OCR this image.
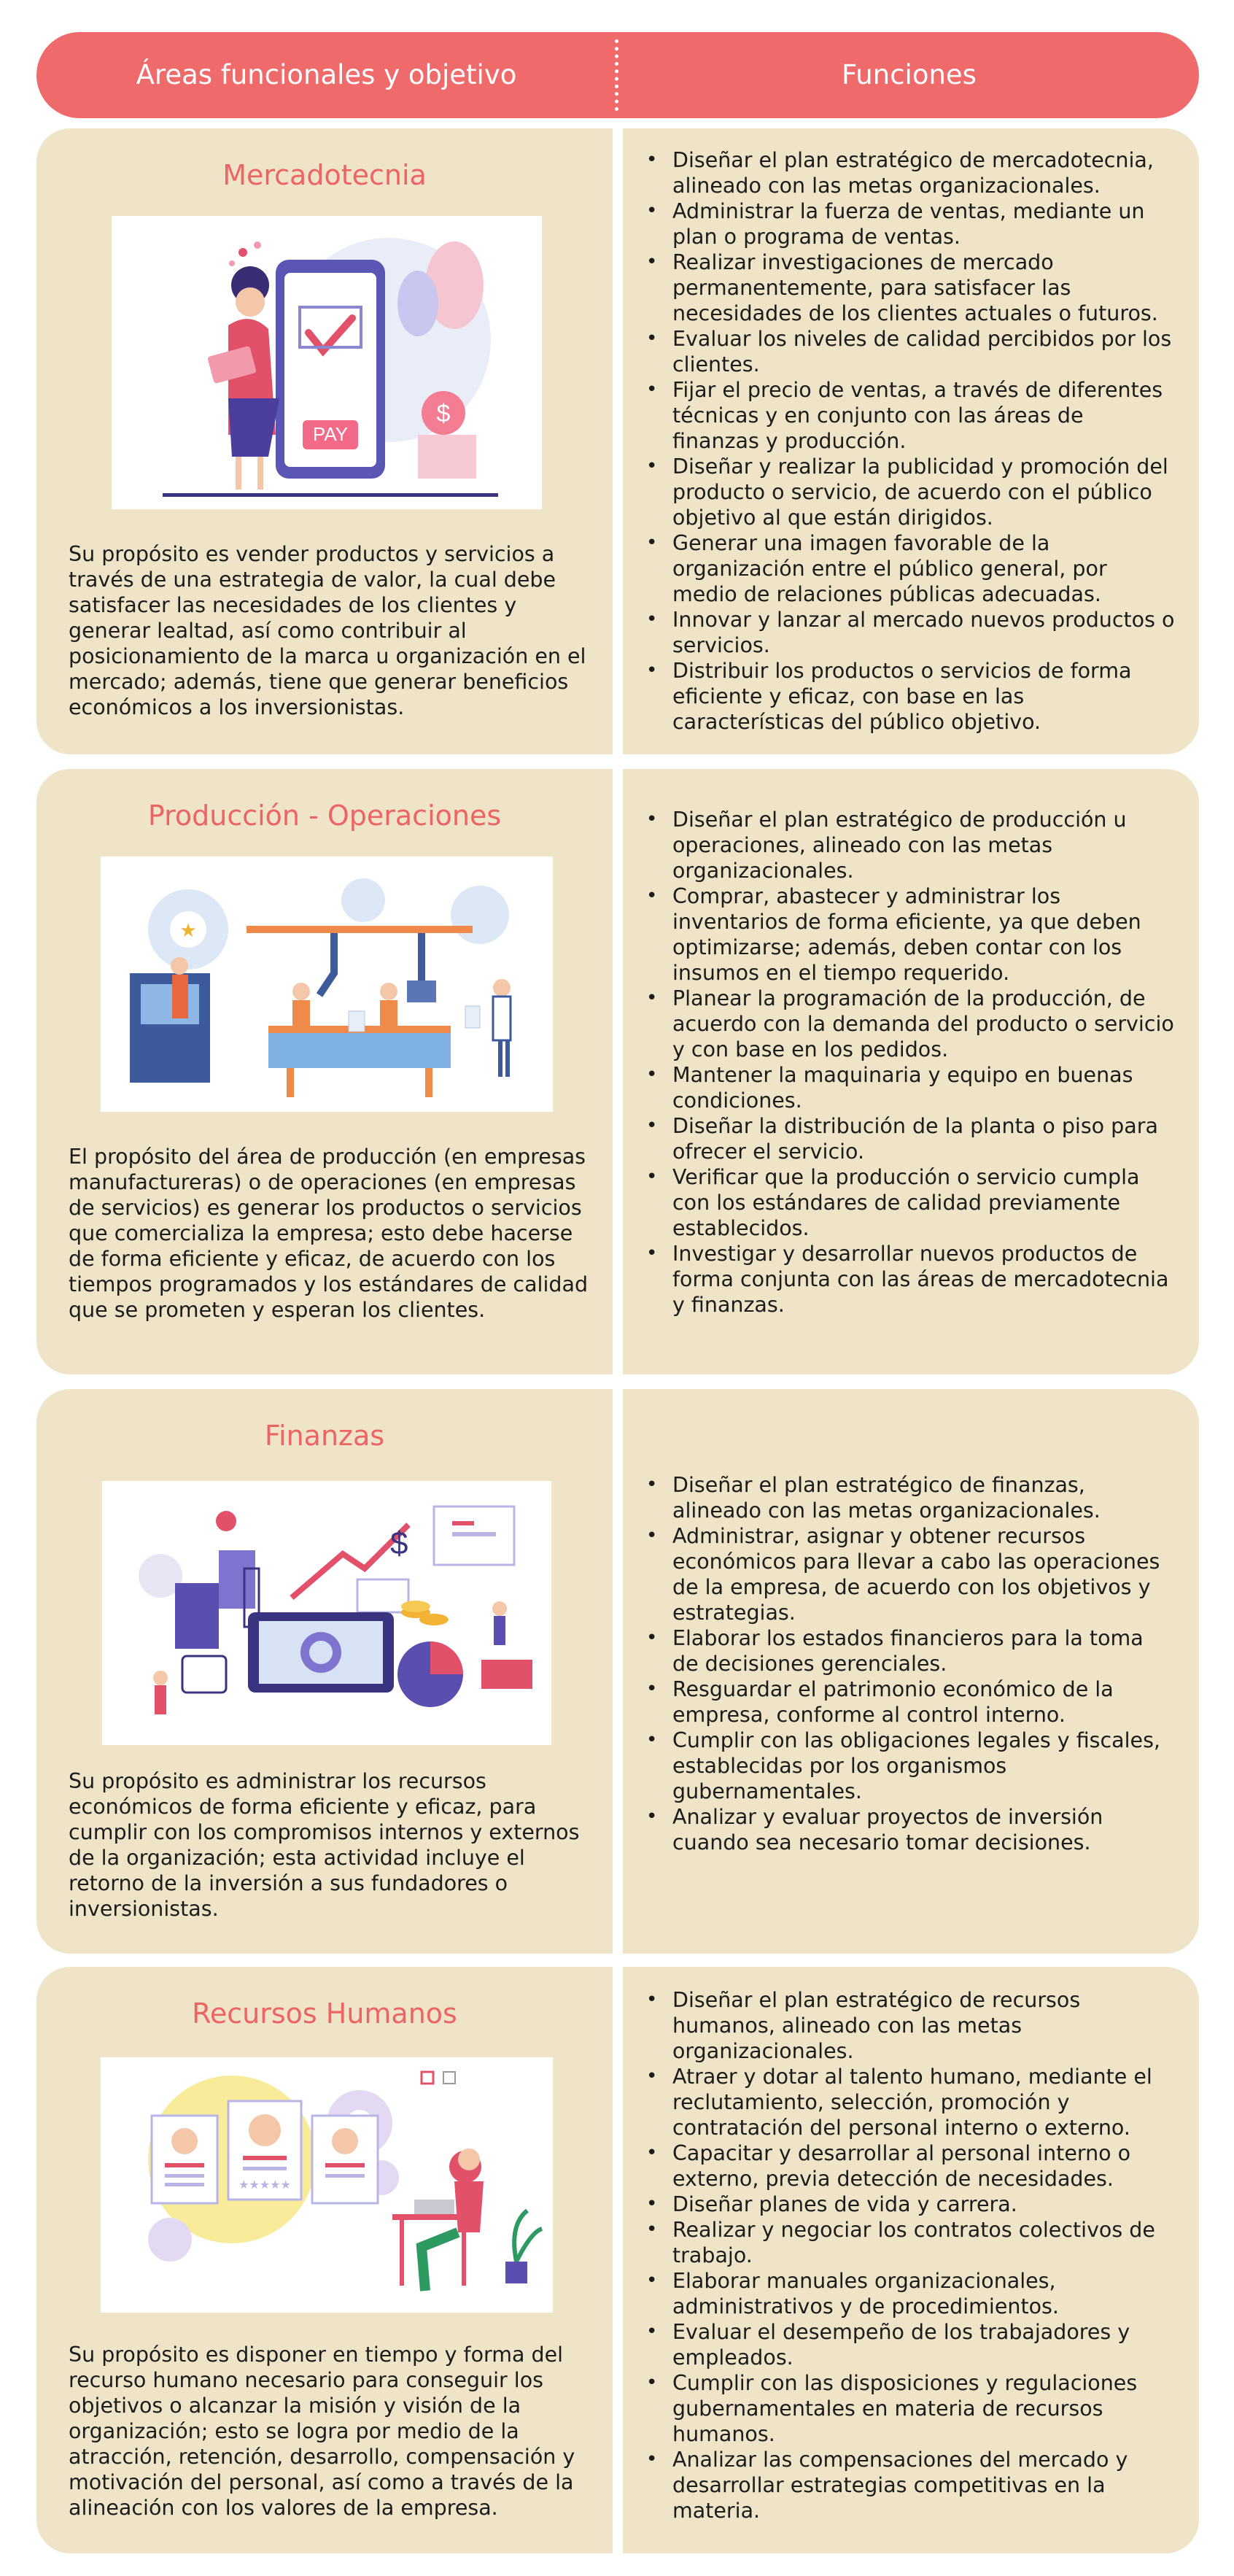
Áreas funcionales y objetivo	Funciones
Mercadotecnia
PAY
$

Su propósito es vender productos y servicios a través de una estrategia de valor, la cual debe satisfacer las necesidades de los clientes y generar lealtad, así como contribuir al posicionamiento de la marca u organización en el mercado; además, tiene que generar beneficios económicos a los inversionistas.

• Diseñar el plan estratégico de mercadotecnia, alineado con las metas organizacionales.
• Administrar la fuerza de ventas, mediante un plan o programa de ventas.
• Realizar investigaciones de mercado permanentemente, para satisfacer las necesidades de los clientes actuales o futuros.
• Evaluar los niveles de calidad percibidos por los clientes.
• Fijar el precio de ventas, a través de diferentes técnicas y en conjunto con las áreas de finanzas y producción.
• Diseñar y realizar la publicidad y promoción del producto o servicio, de acuerdo con el público objetivo al que están dirigidos.
• Generar una imagen favorable de la organización entre el público general, por medio de relaciones públicas adecuadas.
• Innovar y lanzar al mercado nuevos productos o servicios.
• Distribuir los productos o servicios de forma eficiente y eficaz, con base en las características del público objetivo.
Producción - Operaciones
★

El propósito del área de producción (en empresas manufactureras) o de operaciones (en empresas de servicios) es generar los productos o servicios que comercializa la empresa; esto debe hacerse de forma eficiente y eficaz, de acuerdo con los tiempos programados y los estándares de calidad que se prometen y esperan los clientes.

• Diseñar el plan estratégico de producción u operaciones, alineado con las metas organizacionales.
• Comprar, abastecer y administrar los inventarios de forma eficiente, ya que deben optimizarse; además, deben contar con los insumos en el tiempo requerido.
• Planear la programación de la producción, de acuerdo con la demanda del producto o servicio y con base en los pedidos.
• Mantener la maquinaria y equipo en buenas condiciones.
• Diseñar la distribución de la planta o piso para ofrecer el servicio.
• Verificar que la producción o servicio cumpla con los estándares de calidad previamente establecidos.
• Investigar y desarrollar nuevos productos de forma conjunta con las áreas de mercadotecnia y finanzas.
Finanzas
$

Su propósito es administrar los recursos económicos de forma eficiente y eficaz, para cumplir con los compromisos internos y externos de la organización; esta actividad incluye el retorno de la inversión a sus fundadores o inversionistas.

• Diseñar el plan estratégico de finanzas, alineado con las metas organizacionales.
• Administrar, asignar y obtener recursos económicos para llevar a cabo las operaciones de la empresa, de acuerdo con los objetivos y estrategias.
• Elaborar los estados financieros para la toma de decisiones gerenciales.
• Resguardar el patrimonio económico de la empresa, conforme al control interno.
• Cumplir con las obligaciones legales y fiscales, establecidas por los organismos gubernamentales.
• Analizar y evaluar proyectos de inversión cuando sea necesario tomar decisiones.
Recursos Humanos
★★★★★

Su propósito es disponer en tiempo y forma del recurso humano necesario para conseguir los objetivos o alcanzar la misión y visión de la organización; esto se logra por medio de la atracción, retención, desarrollo, compensación y motivación del personal, así como a través de la alineación con los valores de la empresa.

• Diseñar el plan estratégico de recursos humanos, alineado con las metas organizacionales.
• Atraer y dotar al talento humano, mediante el reclutamiento, selección, promoción y contratación del personal interno o externo.
• Capacitar y desarrollar al personal interno o externo, previa detección de necesidades.
• Diseñar planes de vida y carrera.
• Realizar y negociar los contratos colectivos de trabajo.
• Elaborar manuales organizacionales, administrativos y de procedimientos.
• Evaluar el desempeño de los trabajadores y empleados.
• Cumplir con las disposiciones y regulaciones gubernamentales en materia de recursos humanos.
• Analizar las compensaciones del mercado y desarrollar estrategias competitivas en la materia.
